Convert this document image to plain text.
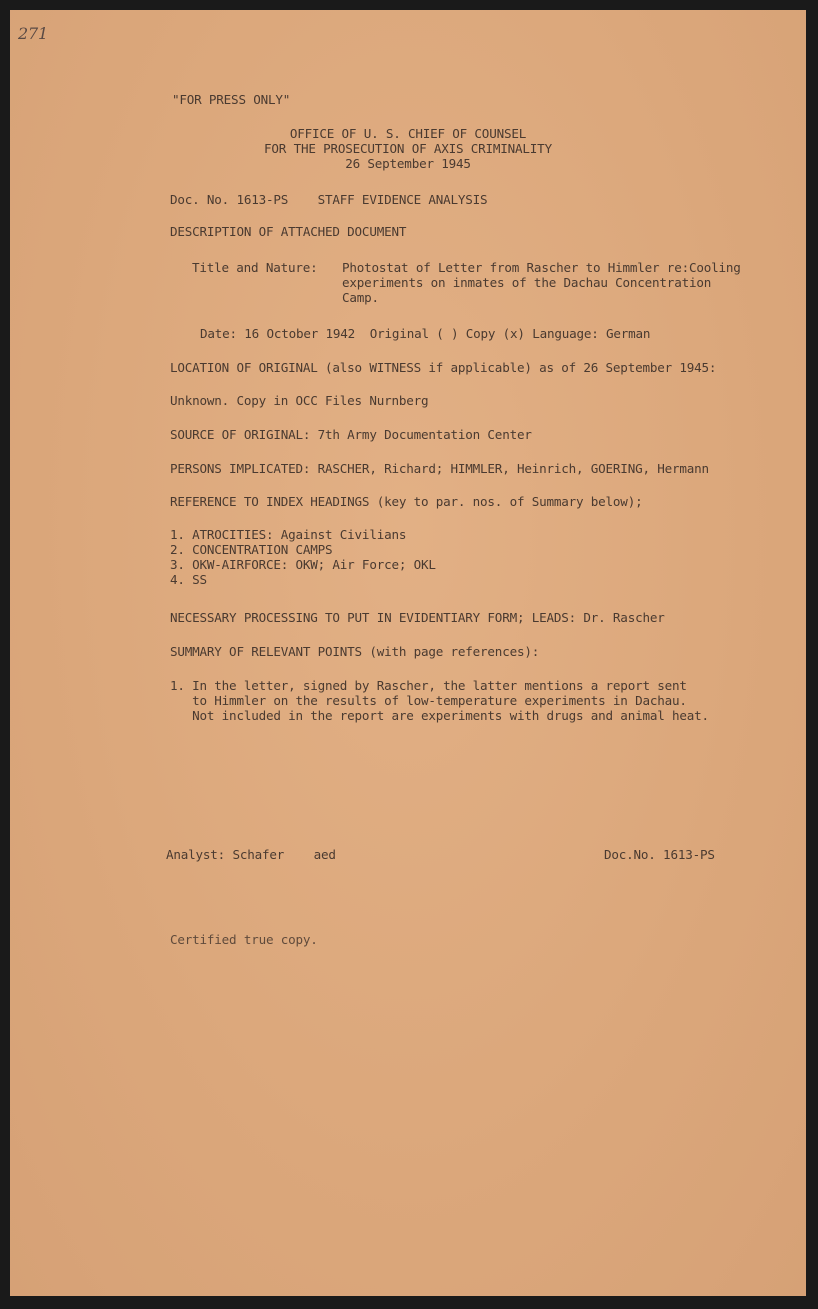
271
"FOR PRESS ONLY"
OFFICE OF U. S. CHIEF OF COUNSEL
FOR THE PROSECUTION OF AXIS CRIMINALITY
26 September 1945
Doc. No. 1613-PS    STAFF EVIDENCE ANALYSIS
DESCRIPTION OF ATTACHED DOCUMENT
Title and Nature: Photostat of Letter from Rascher to Himmler re:Cooling
experiments on inmates of the Dachau Concentration
Camp.
Date: 16 October 1942  Original ( ) Copy (x) Language: German
LOCATION OF ORIGINAL (also WITNESS if applicable) as of 26 September 1945:
Unknown. Copy in OCC Files Nurnberg
SOURCE OF ORIGINAL: 7th Army Documentation Center
PERSONS IMPLICATED: RASCHER, Richard; HIMMLER, Heinrich, GOERING, Hermann
REFERENCE TO INDEX HEADINGS (key to par. nos. of Summary below);
1. ATROCITIES: Against Civilians
2. CONCENTRATION CAMPS
3. OKW-AIRFORCE: OKW; Air Force; OKL
4. SS
NECESSARY PROCESSING TO PUT IN EVIDENTIARY FORM; LEADS: Dr. Rascher
SUMMARY OF RELEVANT POINTS (with page references):
1. In the letter, signed by Rascher, the latter mentions a report sent
to Himmler on the results of low-temperature experiments in Dachau.
Not included in the report are experiments with drugs and animal heat.
Analyst: Schafer    aed	Doc.No. 1613-PS
Certified true copy.
